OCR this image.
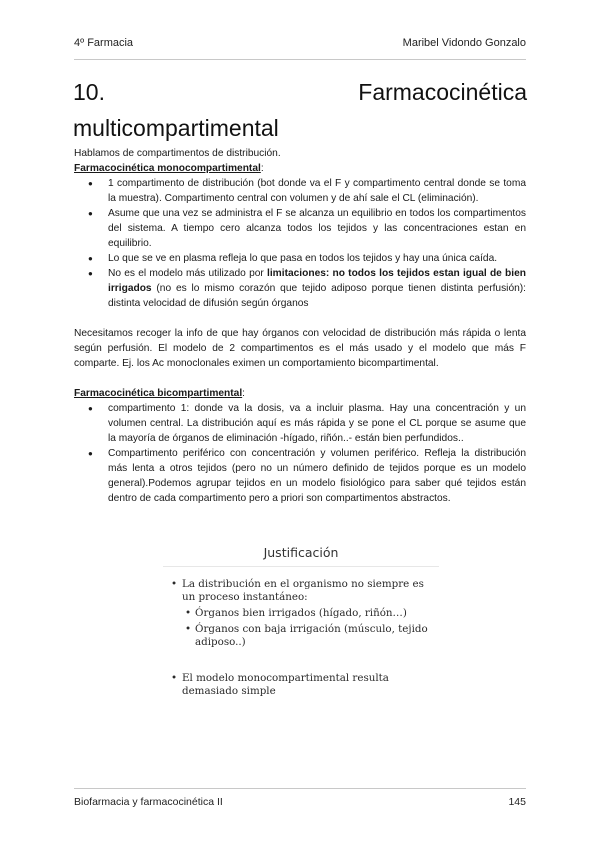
4º Farmacia	Maribel Vidondo Gonzalo
10.	Farmacocinética
multicompartimental

Hablamos de compartimentos de distribución.

Farmacocinética monocompartimental:

● 1 compartimento de distribución (bot donde va el F y compartimento central donde se toma la muestra). Compartimento central con volumen y de ahí sale el CL (eliminación).
● Asume que una vez se administra el F se alcanza un equilibrio en todos los compartimentos del sistema. A tiempo cero alcanza todos los tejidos y las concentraciones estan en equilibrio.
● Lo que se ve en plasma refleja lo que pasa en todos los tejidos y hay una única caída.
● No es el modelo más utilizado por limitaciones: no todos los tejidos estan igual de bien irrigados (no es lo mismo corazón que tejido adiposo porque tienen distinta perfusión): distinta velocidad de difusión según órganos

Necesitamos recoger la info de que hay órganos con velocidad de distribución más rápida o lenta según perfusión. El modelo de 2 compartimentos es el más usado y el modelo que más F comparte. Ej. los Ac monoclonales eximen un comportamiento bicompartimental.

Farmacocinética bicompartimental:

● compartimento 1: donde va la dosis, va a incluir plasma. Hay una concentración y un volumen central. La distribución aquí es más rápida y se pone el CL porque se asume que la mayoría de órganos de eliminación -hígado, riñón..- están bien perfundidos..
● Compartimento periférico con concentración y volumen periférico. Refleja la distribución más lenta a otros tejidos (pero no un número definido de tejidos porque es un modelo general).Podemos agrupar tejidos en un modelo fisiológico para saber qué tejidos están dentro de cada compartimento pero a priori son compartimentos abstractos.
Justificación
• La distribución en el organismo no siempre es un proceso instantáneo:
• Órganos bien irrigados (hígado, riñón…)
• Órganos con baja irrigación (músculo, tejido adiposo..)
• El modelo monocompartimental resulta demasiado simple
Biofarmacia y farmacocinética II	145
